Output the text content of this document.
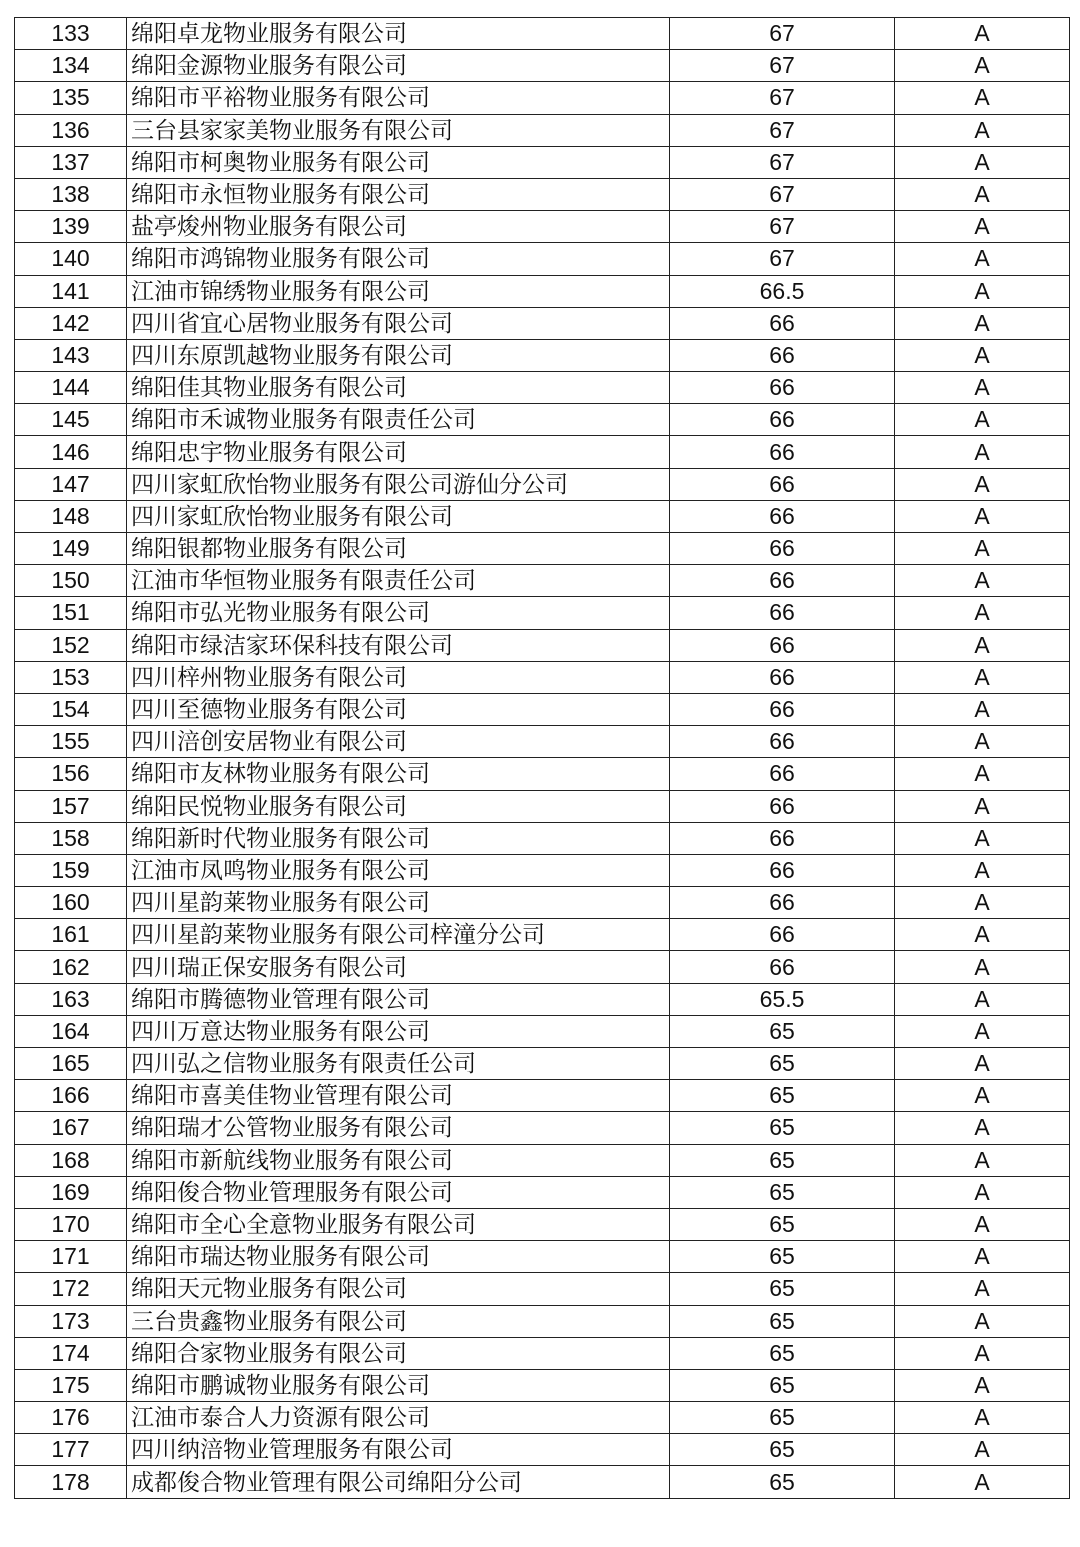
133	绵阳卓龙物业服务有限公司	67	A
134	绵阳金源物业服务有限公司	67	A
135	绵阳市平裕物业服务有限公司	67	A
136	三台县家家美物业服务有限公司	67	A
137	绵阳市柯奥物业服务有限公司	67	A
138	绵阳市永恒物业服务有限公司	67	A
139	盐亭焌州物业服务有限公司	67	A
140	绵阳市鸿锦物业服务有限公司	67	A
141	江油市锦绣物业服务有限公司	66.5	A
142	四川省宜心居物业服务有限公司	66	A
143	四川东原凯越物业服务有限公司	66	A
144	绵阳佳其物业服务有限公司	66	A
145	绵阳市禾诚物业服务有限责任公司	66	A
146	绵阳忠宇物业服务有限公司	66	A
147	四川家虹欣怡物业服务有限公司游仙分公司	66	A
148	四川家虹欣怡物业服务有限公司	66	A
149	绵阳银都物业服务有限公司	66	A
150	江油市华恒物业服务有限责任公司	66	A
151	绵阳市弘光物业服务有限公司	66	A
152	绵阳市绿洁家环保科技有限公司	66	A
153	四川梓州物业服务有限公司	66	A
154	四川至德物业服务有限公司	66	A
155	四川涪创安居物业有限公司	66	A
156	绵阳市友林物业服务有限公司	66	A
157	绵阳民悦物业服务有限公司	66	A
158	绵阳新时代物业服务有限公司	66	A
159	江油市凤鸣物业服务有限公司	66	A
160	四川星韵莱物业服务有限公司	66	A
161	四川星韵莱物业服务有限公司梓潼分公司	66	A
162	四川瑞正保安服务有限公司	66	A
163	绵阳市腾德物业管理有限公司	65.5	A
164	四川万意达物业服务有限公司	65	A
165	四川弘之信物业服务有限责任公司	65	A
166	绵阳市喜美佳物业管理有限公司	65	A
167	绵阳瑞才公管物业服务有限公司	65	A
168	绵阳市新航线物业服务有限公司	65	A
169	绵阳俊合物业管理服务有限公司	65	A
170	绵阳市全心全意物业服务有限公司	65	A
171	绵阳市瑞达物业服务有限公司	65	A
172	绵阳天元物业服务有限公司	65	A
173	三台贵鑫物业服务有限公司	65	A
174	绵阳合家物业服务有限公司	65	A
175	绵阳市鹏诚物业服务有限公司	65	A
176	江油市泰合人力资源有限公司	65	A
177	四川纳涪物业管理服务有限公司	65	A
178	成都俊合物业管理有限公司绵阳分公司	65	A
